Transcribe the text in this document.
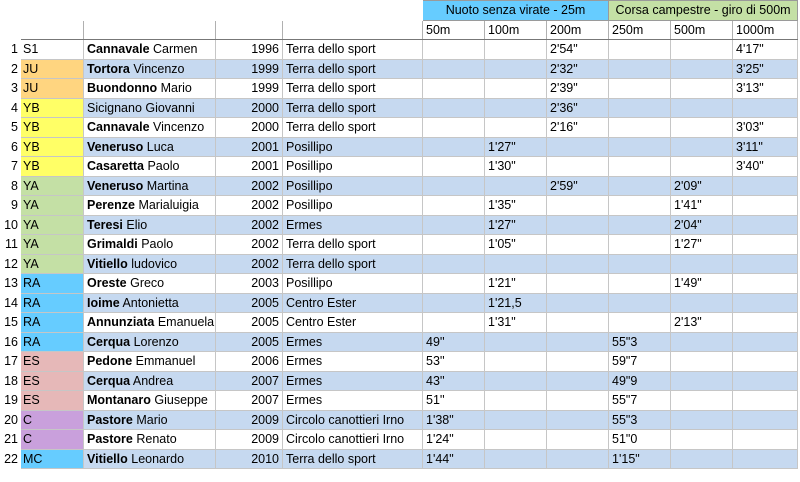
					Nuoto senza virate - 25m			Corsa campestre - giro di 500m		
					50m	100m	200m	250m	500m	1000m
1	S1	Cannavale Carmen	1996	Terra dello sport			2'54"			4'17"
2	JU	Tortora Vincenzo	1999	Terra dello sport			2'32"			3'25"
3	JU	Buondonno Mario	1999	Terra dello sport			2'39"			3'13"
4	YB	Sicignano Giovanni	2000	Terra dello sport			2'36"			
5	YB	Cannavale Vincenzo	2000	Terra dello sport			2'16"			3'03"
6	YB	Veneruso Luca	2001	Posillipo		1'27"				3'11"
7	YB	Casaretta Paolo	2001	Posillipo		1'30"				3'40"
8	YA	Veneruso Martina	2002	Posillipo			2'59"		2'09"	
9	YA	Perenze Marialuigia	2002	Posillipo		1'35"			1'41"	
10	YA	Teresi Elio	2002	Ermes		1'27"			2'04"	
11	YA	Grimaldi Paolo	2002	Terra dello sport		1'05"			1'27"	
12	YA	Vitiello ludovico	2002	Terra dello sport						
13	RA	Oreste Greco	2003	Posillipo		1'21"			1'49"	
14	RA	Ioime Antonietta	2005	Centro Ester		1'21,5				
15	RA	Annunziata Emanuela	2005	Centro Ester		1'31"			2'13"	
16	RA	Cerqua Lorenzo	2005	Ermes	49''			55"3		
17	ES	Pedone Emmanuel	2006	Ermes	53''			59"7		
18	ES	Cerqua Andrea	2007	Ermes	43''			49"9		
19	ES	Montanaro Giuseppe	2007	Ermes	51''			55"7		
20	C	Pastore Mario	2009	Circolo canottieri Irno	1'38"			55"3		
21	C	Pastore Renato	2009	Circolo canottieri Irno	1'24"			51"0		
22	MC	Vitiello Leonardo	2010	Terra dello sport	1'44"			1'15"		
